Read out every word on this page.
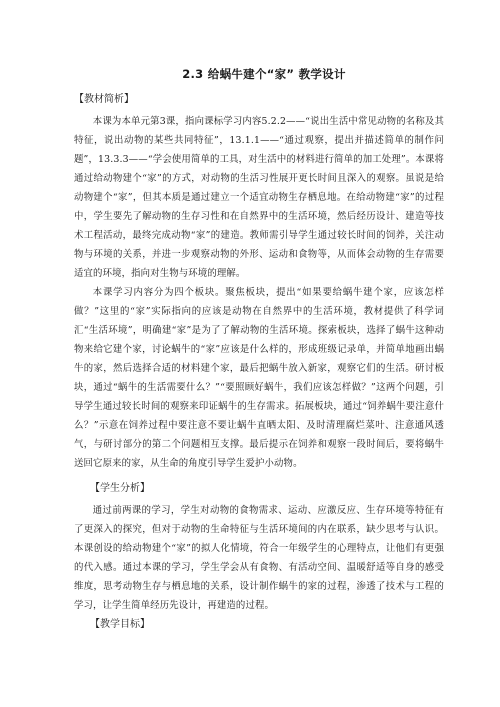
2.3 给蜗牛建个“家” 教学设计
【教材简析】

本课为本单元第3课，指向课标学习内容5.2.2——“说出生活中常见动物的名称及其特征，说出动物的某些共同特征”，13.1.1——“通过观察，提出并描述简单的制作问题”，13.3.3——“学会使用简单的工具，对生活中的材料进行简单的加工处理”。本课将通过给动物建个“家”的方式，对动物的生活习性展开更长时间且深入的观察。虽说是给动物建个“家”，但其本质是通过建立一个适宜动物生存栖息地。在给动物建“家”的过程中，学生要先了解动物的生存习性和在自然界中的生活环境，然后经历设计、建造等技术工程活动，最终完成动物“家”的建造。教师需引导学生通过较长时间的饲养，关注动物与环境的关系，并进一步观察动物的外形、运动和食物等，从而体会动物的生存需要适宜的环境，指向对生物与环境的理解。

本课学习内容分为四个板块。聚焦板块，提出“如果要给蜗牛建个家，应该怎样做？”这里的“家”实际指向的应该是动物在自然界中的生活环境，教材提供了科学词汇“生活环境”，明确建“家”是为了了解动物的生活环境。探索板块，选择了蜗牛这种动物来给它建个家，讨论蜗牛的“家”应该是什么样的，形成班级记录单，并简单地画出蜗牛的家，然后选择合适的材料建个家，最后把蜗牛放入新家，观察它们的生活。研讨板块，通过“蜗牛的生活需要什么？”“要照顾好蜗牛，我们应该怎样做？”这两个问题，引导学生通过较长时间的观察来印证蜗牛的生存需求。拓展板块，通过“饲养蜗牛要注意什么？”示意在饲养过程中要注意不要让蜗牛直晒太阳、及时清理腐烂菜叶、注意通风透气，与研讨部分的第二个问题相互支撑。最后提示在饲养和观察一段时间后，要将蜗牛送回它原来的家，从生命的角度引导学生爱护小动物。

【学生分析】

通过前两课的学习，学生对动物的食物需求、运动、应激反应、生存环境等特征有了更深入的探究，但对于动物的生命特征与生活环境间的内在联系，缺少思考与认识。本课创设的给动物建个“家”的拟人化情境，符合一年级学生的心理特点，让他们有更强的代入感。通过本课的学习，学生学会从有食物、有活动空间、温暖舒适等自身的感受维度，思考动物生存与栖息地的关系，设计制作蜗牛的家的过程，渗透了技术与工程的学习，让学生简单经历先设计，再建造的过程。

【教学目标】
